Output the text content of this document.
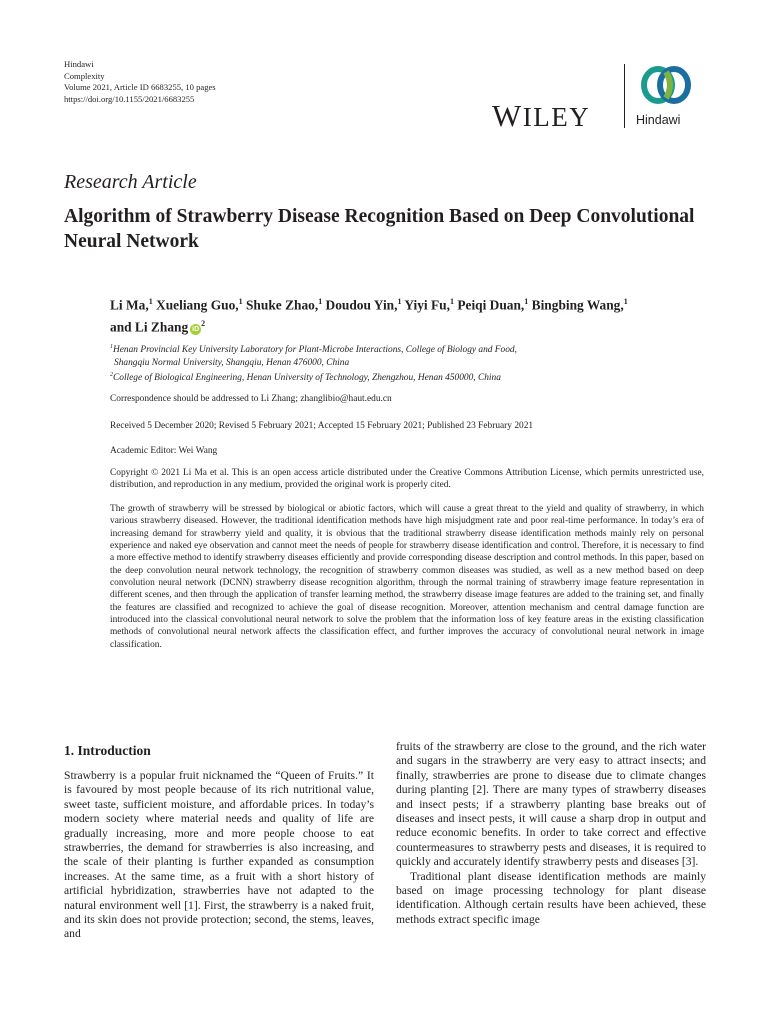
Hindawi
Complexity
Volume 2021, Article ID 6683255, 10 pages
https://doi.org/10.1155/2021/6683255	WILEY	Hindawi
Research Article
Algorithm of Strawberry Disease Recognition Based on Deep Convolutional Neural Network
Li Ma,$^1$ Xueliang Guo,$^1$ Shuke Zhao,$^1$ Doudou Yin,$^1$ Yiyi Fu,$^1$ Peiqi Duan,$^1$ Bingbing Wang,$^1$
and Li Zhang $iD^2$
$^1$Henan Provincial Key University Laboratory for Plant-Microbe Interactions, College of Biology and Food,
Shangqiu Normal University, Shangqiu, Henan 476000, China
$^2$College of Biological Engineering, Henan University of Technology, Zhengzhou, Henan 450000, China
Correspondence should be addressed to Li Zhang; zhanglibio@haut.edu.cn
Received 5 December 2020; Revised 5 February 2021; Accepted 15 February 2021; Published 23 February 2021
Academic Editor: Wei Wang
Copyright © 2021 Li Ma et al. This is an open access article distributed under the Creative Commons Attribution License, which permits unrestricted use, distribution, and reproduction in any medium, provided the original work is properly cited.
The growth of strawberry will be stressed by biological or abiotic factors, which will cause a great threat to the yield and quality of strawberry, in which various strawberry diseased. However, the traditional identification methods have high misjudgment rate and poor real-time performance. In today’s era of increasing demand for strawberry yield and quality, it is obvious that the traditional strawberry disease identification methods mainly rely on personal experience and naked eye observation and cannot meet the needs of people for strawberry disease identification and control. Therefore, it is necessary to find a more effective method to identify strawberry diseases efficiently and provide corresponding disease description and control methods. In this paper, based on the deep convolution neural network technology, the recognition of strawberry common diseases was studied, as well as a new method based on deep convolution neural network (DCNN) strawberry disease recognition algorithm, through the normal training of strawberry image feature representation in different scenes, and then through the application of transfer learning method, the strawberry disease image features are added to the training set, and finally the features are classified and recognized to achieve the goal of disease recognition. Moreover, attention mechanism and central damage function are introduced into the classical convolutional neural network to solve the problem that the information loss of key feature areas in the existing classification methods of convolutional neural network affects the classification effect, and further improves the accuracy of convolutional neural network in image classification.
1. Introduction

Strawberry is a popular fruit nicknamed the “Queen of Fruits.” It is favoured by most people because of its rich nutritional value, sweet taste, sufficient moisture, and affordable prices. In today’s modern society where material needs and quality of life are gradually increasing, more and more people choose to eat strawberries, the demand for strawberries is also increasing, and the scale of their planting is further expanded as consumption increases. At the same time, as a fruit with a short history of artificial hybridization, strawberries have not adapted to the natural environment well [1]. First, the strawberry is a naked fruit, and its skin does not provide protection; second, the stems, leaves, and

fruits of the strawberry are close to the ground, and the rich water and sugars in the strawberry are very easy to attract insects; and finally, strawberries are prone to disease due to climate changes during planting [2]. There are many types of strawberry diseases and insect pests; if a strawberry planting base breaks out of diseases and insect pests, it will cause a sharp drop in output and reduce economic benefits. In order to take correct and effective countermeasures to strawberry pests and diseases, it is required to quickly and accurately identify strawberry pests and diseases [3].

Traditional plant disease identification methods are mainly based on image processing technology for plant disease identification. Although certain results have been achieved, these methods extract specific image
